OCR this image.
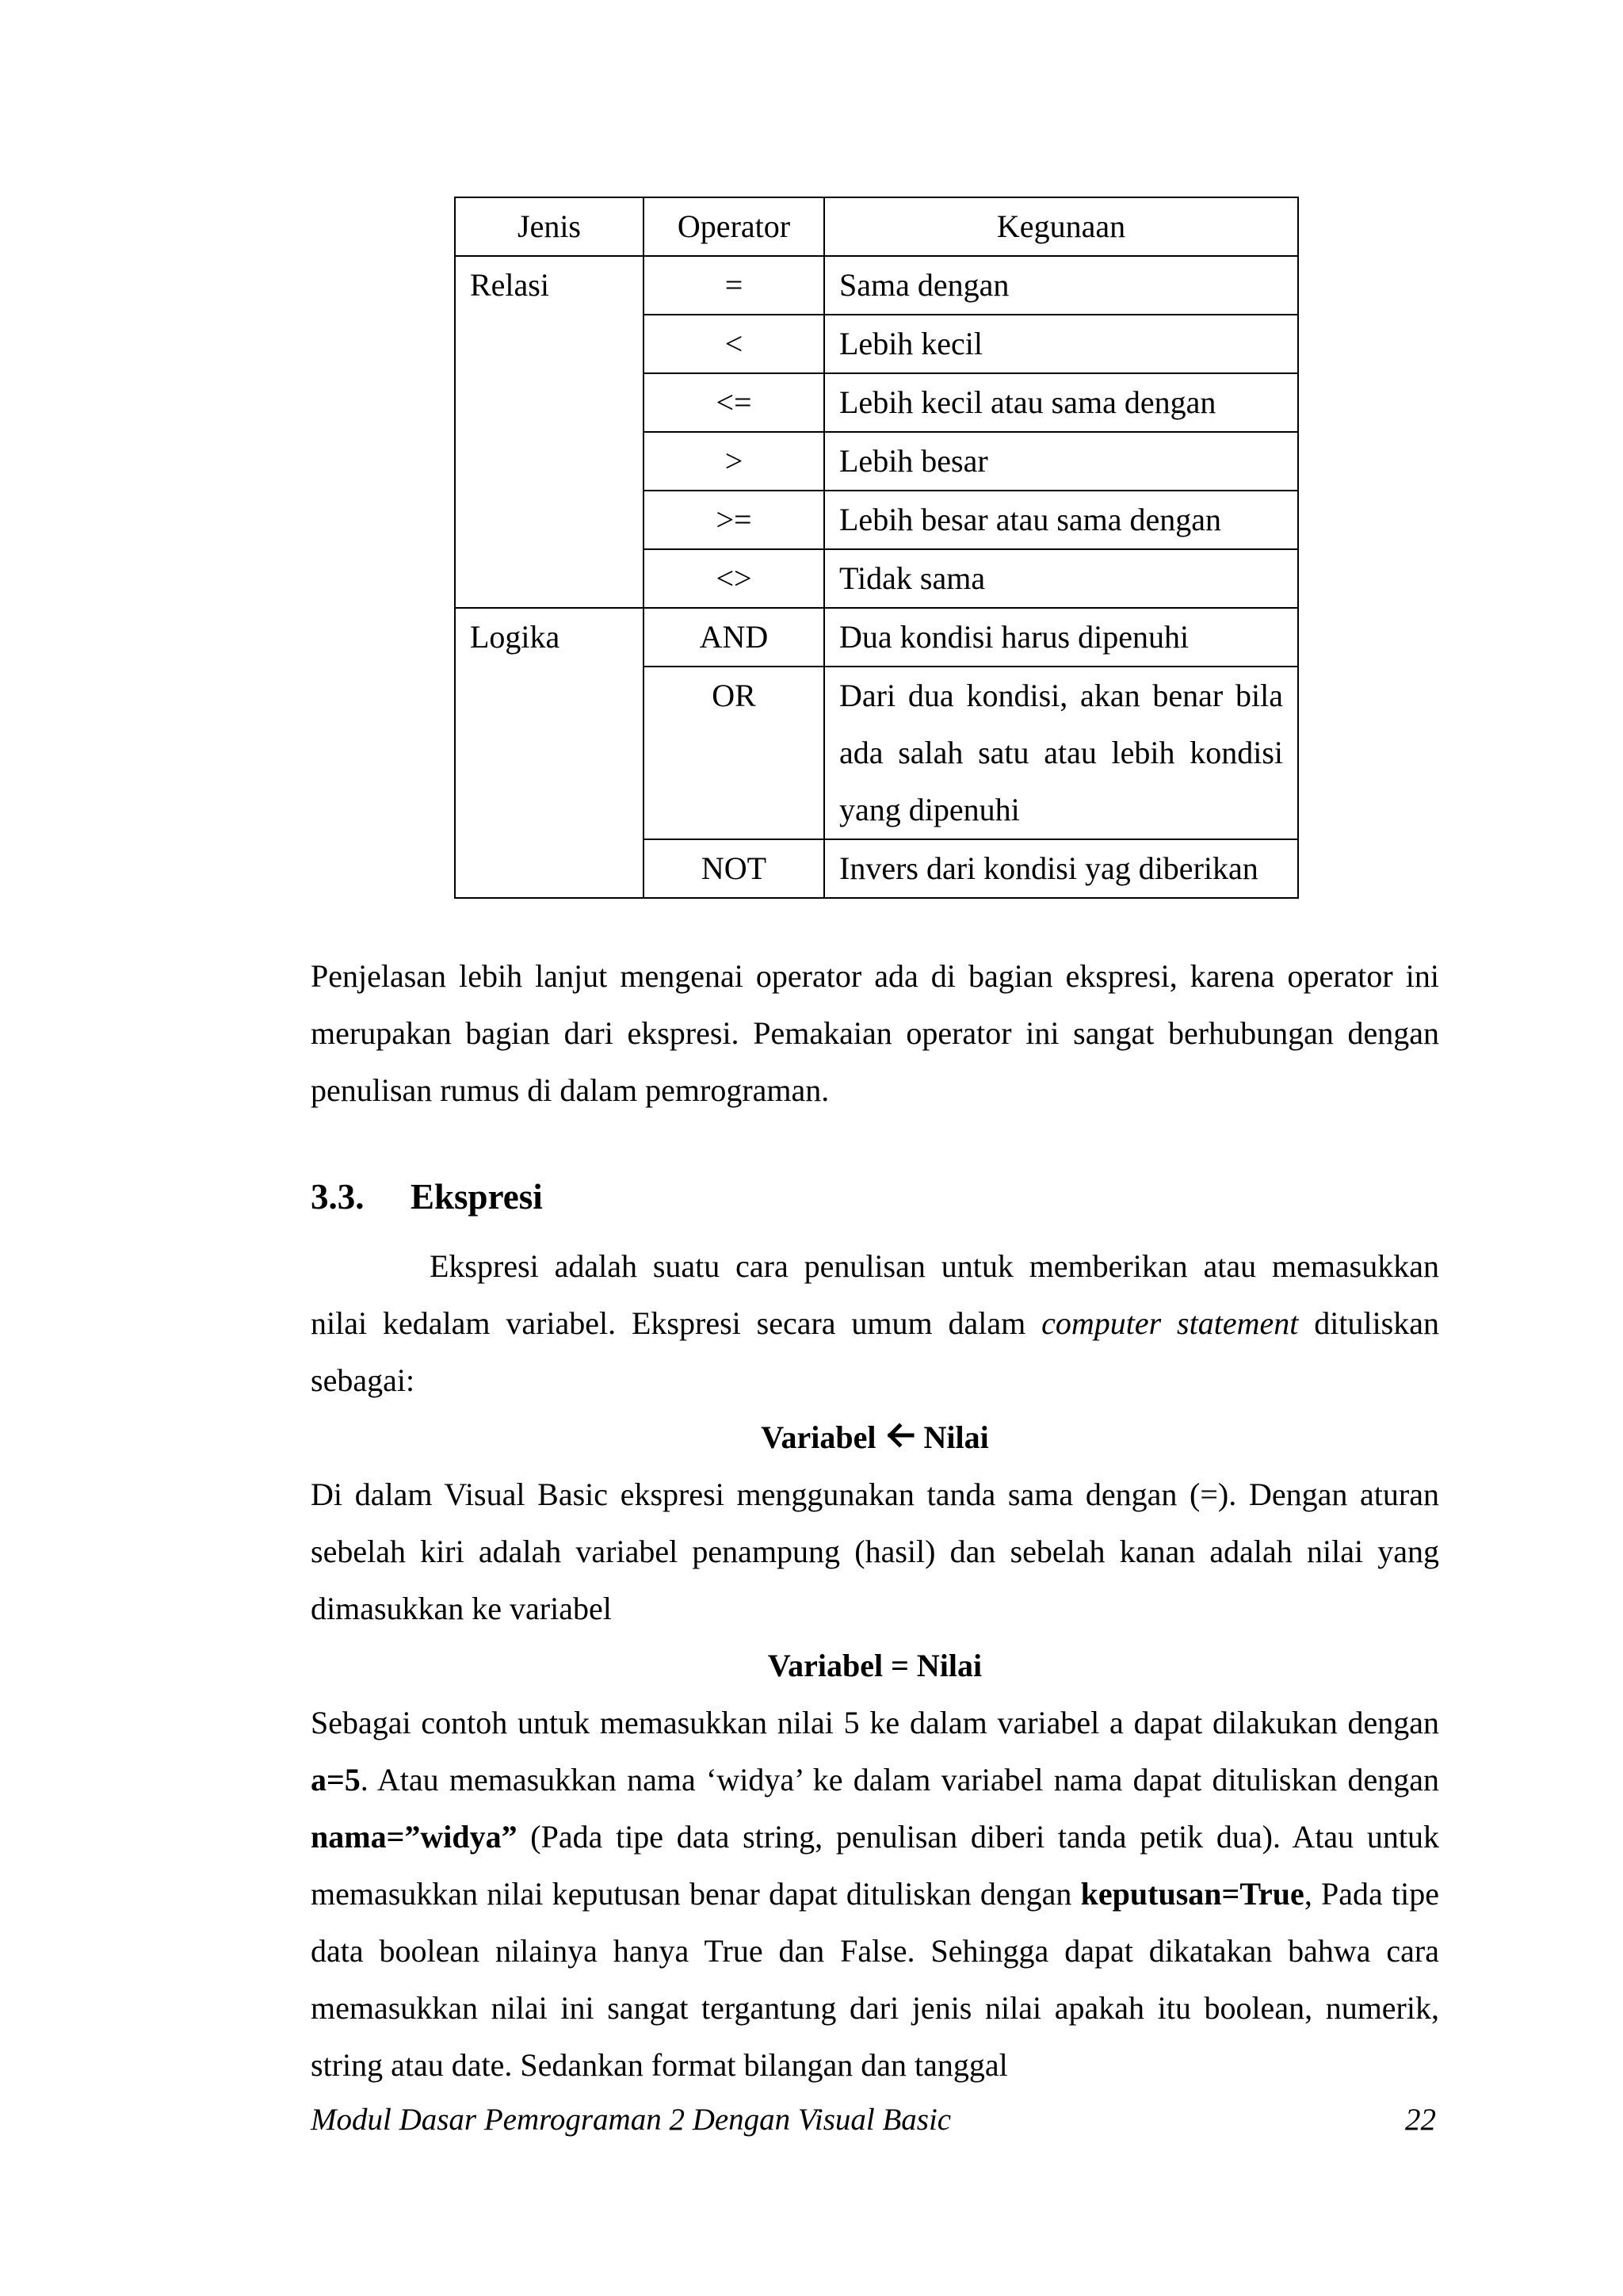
Jenis	Operator	Kegunaan
Relasi	=	Sama dengan
	<	Lebih kecil
	<=	Lebih kecil atau sama dengan
	>	Lebih besar
	>=	Lebih besar atau sama dengan
	<>	Tidak sama
Logika	AND	Dua kondisi harus dipenuhi
	OR	Dari dua kondisi, akan benar bila ada salah satu atau lebih kondisi yang dipenuhi
	NOT	Invers dari kondisi yag diberikan

Penjelasan lebih lanjut mengenai operator ada di bagian ekspresi, karena operator ini merupakan bagian dari ekspresi. Pemakaian operator ini sangat berhubungan dengan penulisan rumus di dalam pemrograman.

3.3. Ekspresi

Ekspresi adalah suatu cara penulisan untuk memberikan atau memasukkan nilai kedalam variabel. Ekspresi secara umum dalam computer statement dituliskan sebagai:

Variabel Nilai

Di dalam Visual Basic ekspresi menggunakan tanda sama dengan (=). Dengan aturan sebelah kiri adalah variabel penampung (hasil) dan sebelah kanan adalah nilai yang dimasukkan ke variabel

Variabel = Nilai

Sebagai contoh untuk memasukkan nilai 5 ke dalam variabel a dapat dilakukan dengan a=5. Atau memasukkan nama ‘widya’ ke dalam variabel nama dapat dituliskan dengan nama=”widya” (Pada tipe data string, penulisan diberi tanda petik dua). Atau untuk memasukkan nilai keputusan benar dapat dituliskan dengan keputusan=True, Pada tipe data boolean nilainya hanya True dan False. Sehingga dapat dikatakan bahwa cara memasukkan nilai ini sangat tergantung dari jenis nilai apakah itu boolean, numerik, string atau date. Sedankan format bilangan dan tanggal

Modul Dasar Pemrograman 2 Dengan Visual Basic	22
